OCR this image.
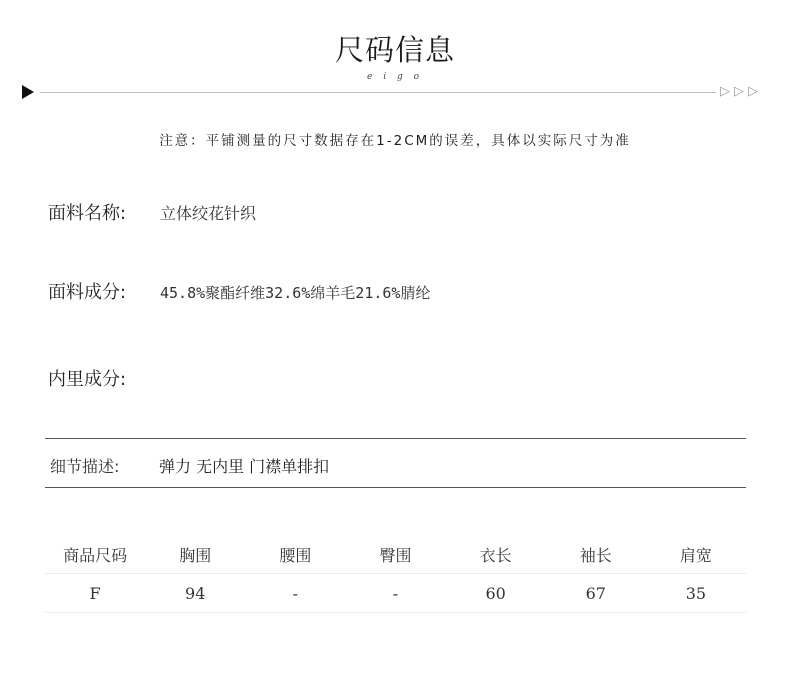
尺码信息
e i g o
▷▷▷
注意：平铺测量的尺寸数据存在1-2CM的误差，具体以实际尺寸为准
面料名称: 立体绞花针织
面料成分: 45.8%聚酯纤维32.6%绵羊毛21.6%腈纶
内里成分:
细节描述: 弹力 无内里 门襟单排扣
商品尺码	胸围	腰围	臀围	衣长	袖长	肩宽
F	94	-	-	60	67	35
